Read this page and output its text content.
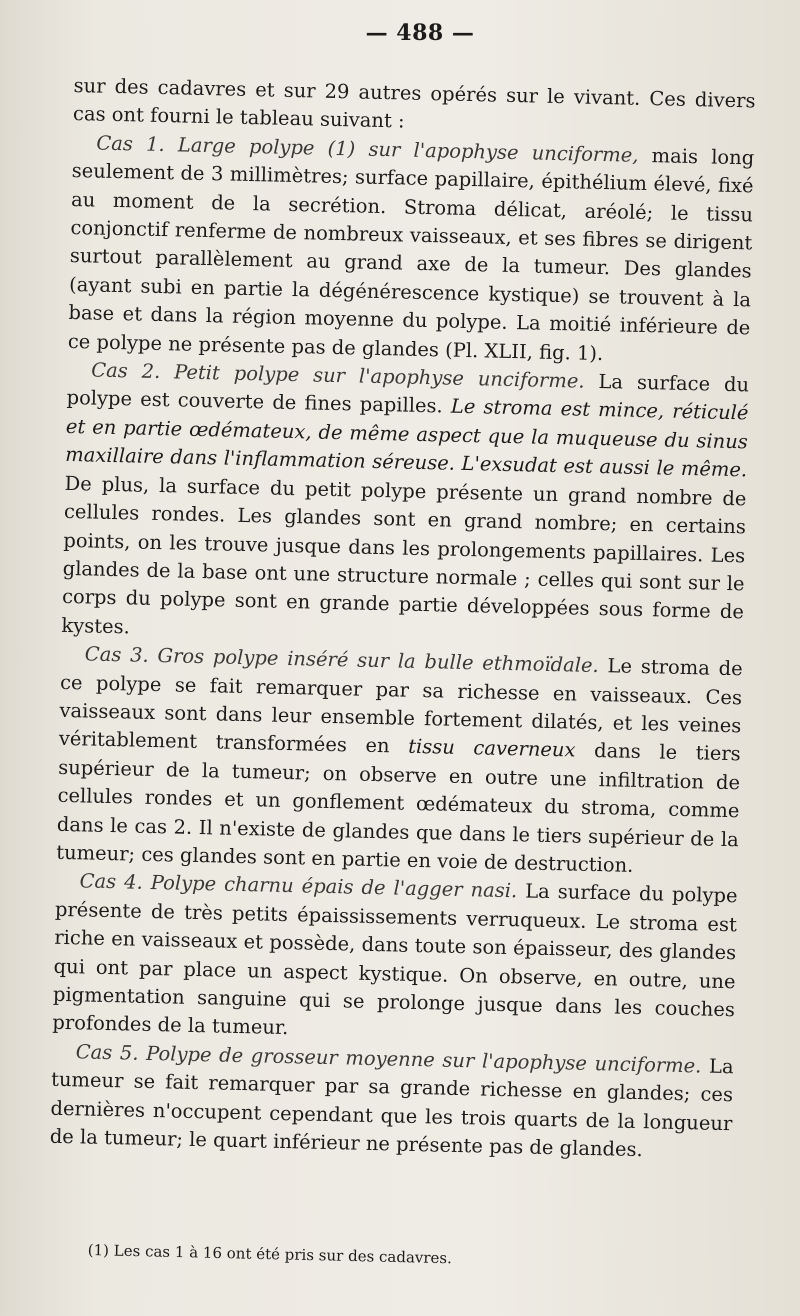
— 488 —

sur des cadavres et sur 29 autres opérés sur le vivant. Ces divers cas ont fourni le tableau suivant :

Cas 1. Large polype (1) sur l'apophyse unciforme, mais long seulement de 3 millimètres; surface papillaire, épithélium élevé, fixé au moment de la secrétion. Stroma délicat, aréolé; le tissu conjonctif renferme de nombreux vaisseaux, et ses fibres se dirigent surtout parallèlement au grand axe de la tumeur. Des glandes (ayant subi en partie la dégénérescence kystique) se trouvent à la base et dans la région moyenne du polype. La moitié inférieure de ce polype ne présente pas de glandes (Pl. XLII, fig. 1).

Cas 2. Petit polype sur l'apophyse unciforme. La surface du polype est couverte de fines papilles. Le stroma est mince, réticulé et en partie œdémateux, de même aspect que la muqueuse du sinus maxillaire dans l'inflammation séreuse. L'exsudat est aussi le même. De plus, la surface du petit polype présente un grand nombre de cellules rondes. Les glandes sont en grand nombre; en certains points, on les trouve jusque dans les prolongements papillaires. Les glandes de la base ont une structure normale ; celles qui sont sur le corps du polype sont en grande partie développées sous forme de kystes.

Cas 3. Gros polype inséré sur la bulle ethmoïdale. Le stroma de ce polype se fait remarquer par sa richesse en vaisseaux. Ces vaisseaux sont dans leur ensemble fortement dilatés, et les veines véritablement transformées en tissu caverneux dans le tiers supérieur de la tumeur; on observe en outre une infiltration de cellules rondes et un gonflement œdémateux du stroma, comme dans le cas 2. Il n'existe de glandes que dans le tiers supérieur de la tumeur; ces glandes sont en partie en voie de destruction.

Cas 4. Polype charnu épais de l'agger nasi. La surface du polype présente de très petits épaississements verruqueux. Le stroma est riche en vaisseaux et possède, dans toute son épaisseur, des glandes qui ont par place un aspect kystique. On observe, en outre, une pigmentation sanguine qui se prolonge jusque dans les couches profondes de la tumeur.

Cas 5. Polype de grosseur moyenne sur l'apophyse unciforme. La tumeur se fait remarquer par sa grande richesse en glandes; ces dernières n'occupent cependant que les trois quarts de la longueur de la tumeur; le quart inférieur ne présente pas de glandes.

(1) Les cas 1 à 16 ont été pris sur des cadavres.
